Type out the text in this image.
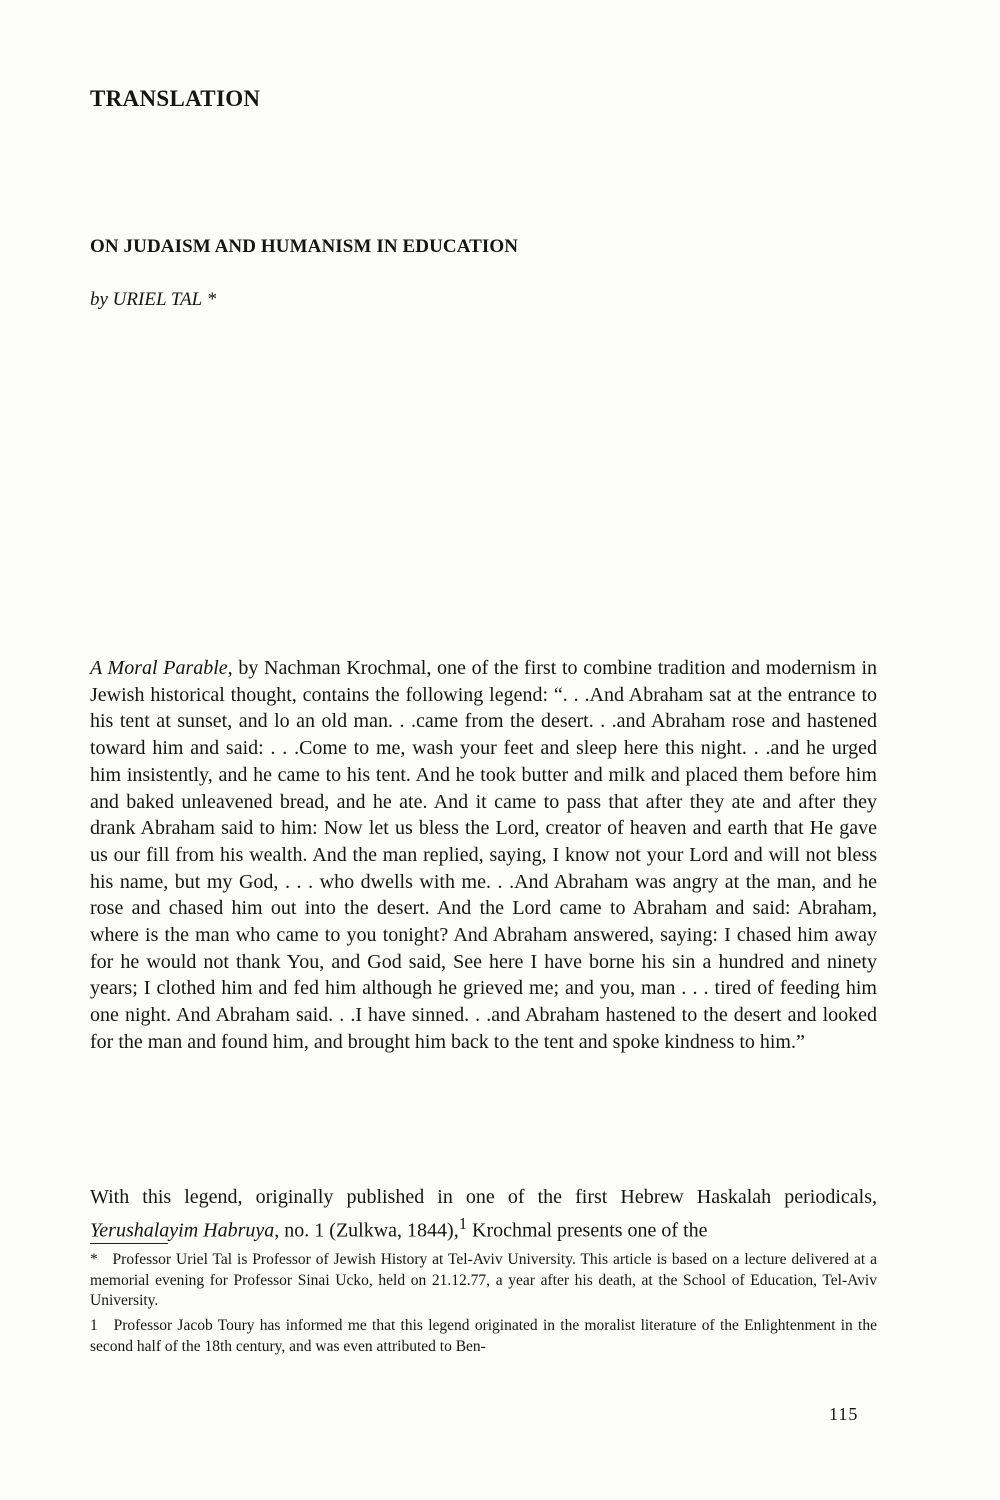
TRANSLATION
ON JUDAISM AND HUMANISM IN EDUCATION
by URIEL TAL *

A Moral Parable, by Nachman Krochmal, one of the first to combine tradition and modernism in Jewish historical thought, contains the following legend: “. . .And Abraham sat at the entrance to his tent at sunset, and lo an old man. . .came from the desert. . .and Abraham rose and hastened toward him and said: . . .Come to me, wash your feet and sleep here this night. . .and he urged him insistently, and he came to his tent. And he took butter and milk and placed them before him and baked unleavened bread, and he ate. And it came to pass that after they ate and after they drank Abraham said to him: Now let us bless the Lord, creator of heaven and earth that He gave us our fill from his wealth. And the man replied, saying, I know not your Lord and will not bless his name, but my God, . . . who dwells with me. . .And Abraham was angry at the man, and he rose and chased him out into the desert. And the Lord came to Abraham and said: Abraham, where is the man who came to you tonight? And Abraham answered, saying: I chased him away for he would not thank You, and God said, See here I have borne his sin a hundred and ninety years; I clothed him and fed him although he grieved me; and you, man . . . tired of feeding him one night. And Abraham said. . .I have sinned. . .and Abraham hastened to the desert and looked for the man and found him, and brought him back to the tent and spoke kindness to him.”

With this legend, originally published in one of the first Hebrew Haskalah periodicals, Yerushalayim Habruya, no. 1 (Zulkwa, 1844),$^1$ Krochmal presents one of the

* Professor Uriel Tal is Professor of Jewish History at Tel-Aviv University. This article is based on a lecture delivered at a memorial evening for Professor Sinai Ucko, held on 21.12.77, a year after his death, at the School of Education, Tel-Aviv University.

1 Professor Jacob Toury has informed me that this legend originated in the moralist literature of the Enlightenment in the second half of the 18th century, and was even attributed to Ben-

115
